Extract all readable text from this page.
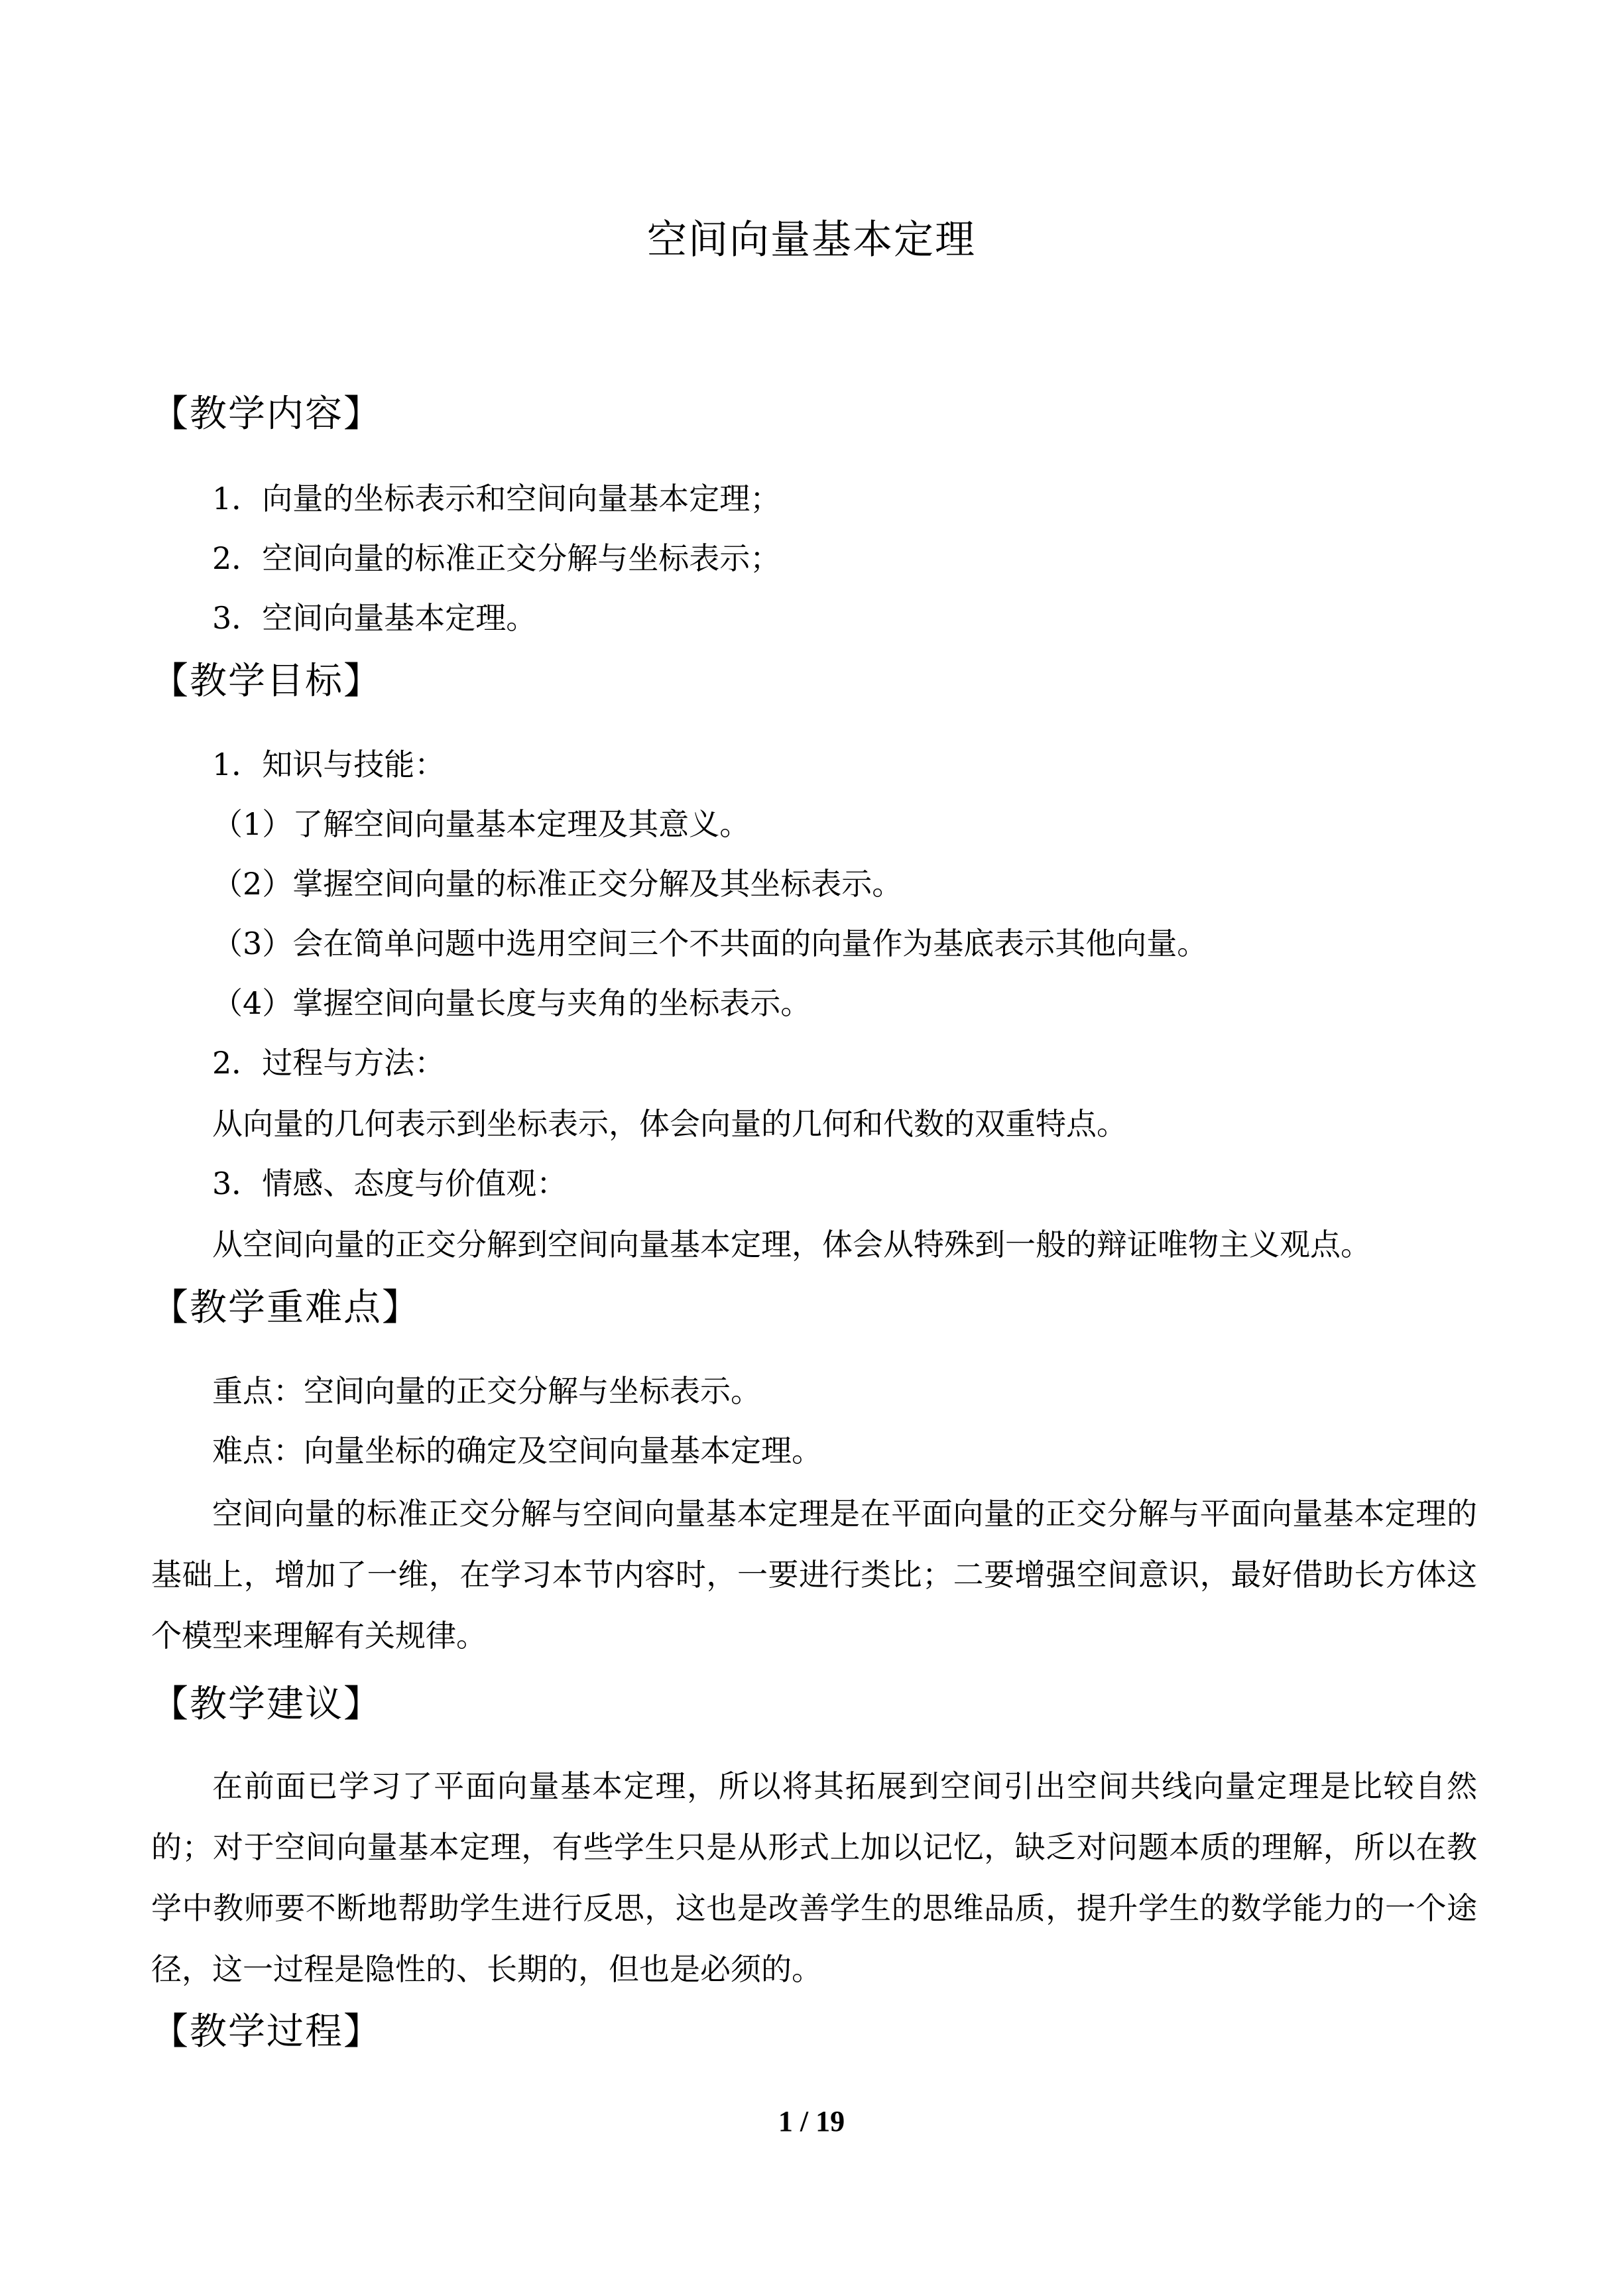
空间向量基本定理
【教学内容】
1．向量的坐标表示和空间向量基本定理；
2．空间向量的标准正交分解与坐标表示；
3．空间向量基本定理。
【教学目标】
1．知识与技能：
（1）了解空间向量基本定理及其意义。
（2）掌握空间向量的标准正交分解及其坐标表示。
（3）会在简单问题中选用空间三个不共面的向量作为基底表示其他向量。
（4）掌握空间向量长度与夹角的坐标表示。
2．过程与方法：
从向量的几何表示到坐标表示，体会向量的几何和代数的双重特点。
3．情感、态度与价值观：
从空间向量的正交分解到空间向量基本定理，体会从特殊到一般的辩证唯物主义观点。
【教学重难点】
重点：空间向量的正交分解与坐标表示。
难点：向量坐标的确定及空间向量基本定理。
空间向量的标准正交分解与空间向量基本定理是在平面向量的正交分解与平面向量基本定理的基础上，增加了一维，在学习本节内容时，一要进行类比；二要增强空间意识，最好借助长方体这个模型来理解有关规律。
【教学建议】
在前面已学习了平面向量基本定理，所以将其拓展到空间引出空间共线向量定理是比较自然的；对于空间向量基本定理，有些学生只是从形式上加以记忆，缺乏对问题本质的理解，所以在教学中教师要不断地帮助学生进行反思，这也是改善学生的思维品质，提升学生的数学能力的一个途径，这一过程是隐性的、长期的，但也是必须的。
【教学过程】
1 / 19
